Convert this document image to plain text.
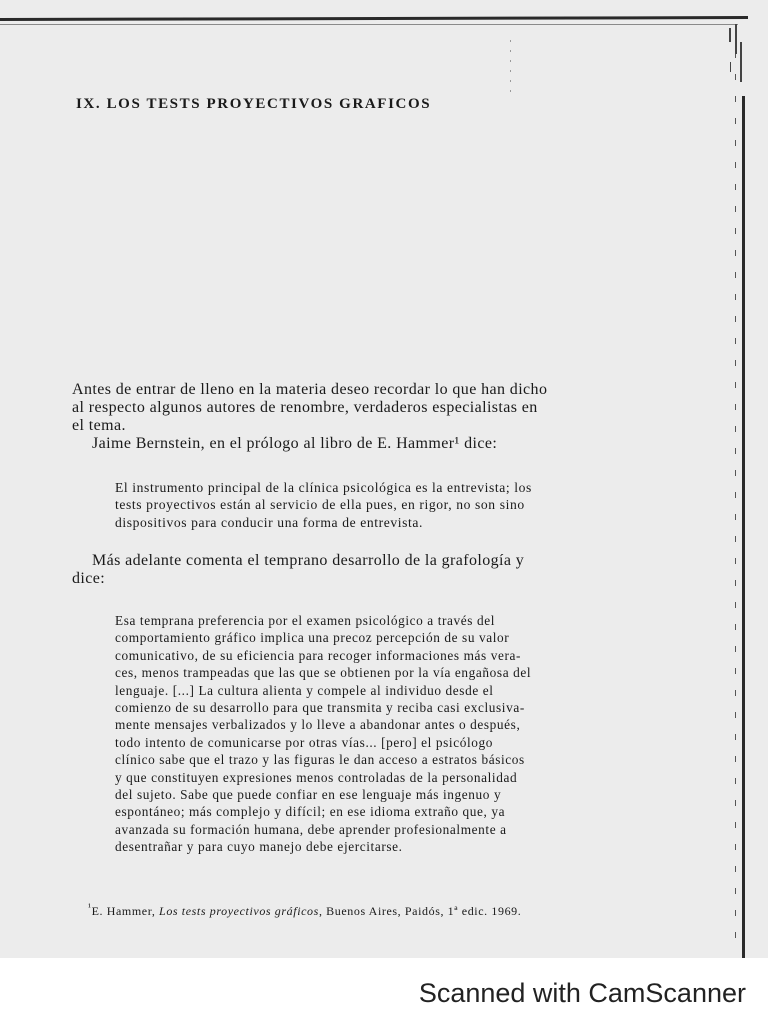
IX. LOS TESTS PROYECTIVOS GRAFICOS
Antes de entrar de lleno en la materia deseo recordar lo que han dicho
al respecto algunos autores de renombre, verdaderos especialistas en
el tema.
Jaime Bernstein, en el prólogo al libro de E. Hammer¹ dice:
El instrumento principal de la clínica psicológica es la entrevista; los
tests proyectivos están al servicio de ella pues, en rigor, no son sino
dispositivos para conducir una forma de entrevista.
Más adelante comenta el temprano desarrollo de la grafología y
dice:
Esa temprana preferencia por el examen psicológico a través del
comportamiento gráfico implica una precoz percepción de su valor
comunicativo, de su eficiencia para recoger informaciones más vera-
ces, menos trampeadas que las que se obtienen por la vía engañosa del
lenguaje. [...] La cultura alienta y compele al individuo desde el
comienzo de su desarrollo para que transmita y reciba casi exclusiva-
mente mensajes verbalizados y lo lleve a abandonar antes o después,
todo intento de comunicarse por otras vías... [pero] el psicólogo
clínico sabe que el trazo y las figuras le dan acceso a estratos básicos
y que constituyen expresiones menos controladas de la personalidad
del sujeto. Sabe que puede confiar en ese lenguaje más ingenuo y
espontáneo; más complejo y difícil; en ese idioma extraño que, ya
avanzada su formación humana, debe aprender profesionalmente a
desentrañar y para cuyo manejo debe ejercitarse.
$^{^1}$E. Hammer, Los tests proyectivos gráficos, Buenos Aires, Paidós, 1ª edic. 1969.
Scanned with CamScanner
